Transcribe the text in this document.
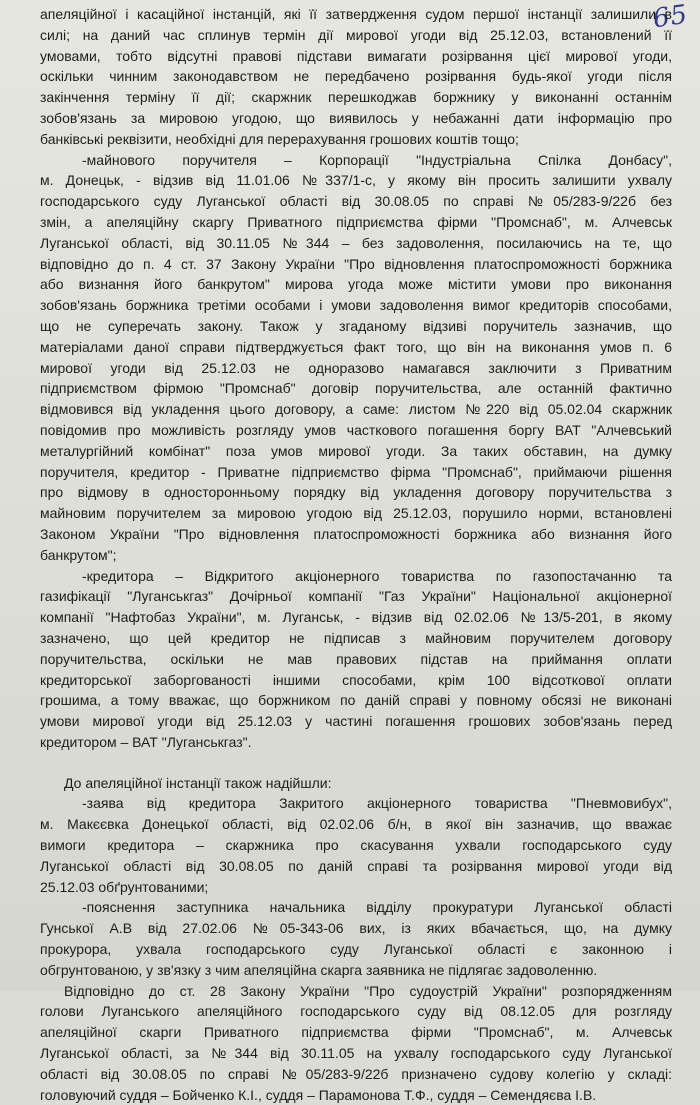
65
апеляційної і касаційної інстанцій, які її затвердження судом першої інстанції залишили в
силі; на даний час сплинув термін дії мирової угоди від 25.12.03, встановлений її
умовами, тобто відсутні правові підстави вимагати розірвання цієї мирової угоди,
оскільки чинним законодавством не передбачено розірвання будь-якої угоди після
закінчення терміну її дії; скаржник перешкоджав боржнику у виконанні останнім
зобов'язань за мировою угодою, що виявилось у небажанні дати інформацію про
банківські реквізити, необхідні для перерахування грошових коштів тощо;
-майнового поручителя – Корпорації "Індустріальна Спілка Донбасу",
м. Донецьк, - відзив від 11.01.06 №337/1-с, у якому він просить залишити ухвалу
господарського суду Луганської області від 30.08.05 по справі №05/283-9/22б без
змін, а апеляційну скаргу Приватного підприємства фірми "Промснаб", м. Алчевськ
Луганської області, від 30.11.05 №344 – без задоволення, посилаючись на те, що
відповідно до п. 4 ст. 37 Закону України "Про відновлення платоспроможності боржника
або визнання його банкрутом" мирова угода може містити умови про виконання
зобов'язань боржника третіми особами і умови задоволення вимог кредиторів способами,
що не суперечать закону. Також у згаданому відзиві поручитель зазначив, що
матеріалами даної справи підтверджується факт того, що він на виконання умов п. 6
мирової угоди від 25.12.03 не одноразово намагався заключити з Приватним
підприємством фірмою "Промснаб" договір поручительства, але останній фактично
відмовився від укладення цього договору, а саме: листом №220 від 05.02.04 скаржник
повідомив про можливість розгляду умов часткового погашення боргу ВАТ "Алчевський
металургійний комбінат" поза умов мирової угоди. За таких обставин, на думку
поручителя, кредитор - Приватне підприємство фірма "Промснаб", приймаючи рішення
про відмову в односторонньому порядку від укладення договору поручительства з
майновим поручителем за мировою угодою від 25.12.03, порушило норми, встановлені
Законом України "Про відновлення платоспроможності боржника або визнання його
банкрутом";
-кредитора – Відкритого акціонерного товариства по газопостачанню та
газифікації "Луганськгаз" Дочірньої компанії "Газ України" Національної акціонерної
компанії "Нафтобаз України", м. Луганськ, - відзив від 02.02.06 №13/5-201, в якому
зазначено, що цей кредитор не підписав з майновим поручителем договору
поручительства, оскільки не мав правових підстав на приймання оплати
кредиторської заборгованості іншими способами, крім 100 відсоткової оплати
грошима, а тому вважає, що боржником по даній справі у повному обсязі не виконані
умови мирової угоди від 25.12.03 у частині погашення грошових зобов'язань перед
кредитором – ВАТ "Луганськгаз".
До апеляційної інстанції також надійшли:
-заява від кредитора Закритого акціонерного товариства "Пневмовибух",
м. Макєєвка Донецької області, від 02.02.06 б/н, в якої він зазначив, що вважає
вимоги кредитора – скаржника про скасування ухвали господарського суду
Луганської області від 30.08.05 по даній справі та розірвання мирової угоди від
25.12.03 обґрунтованими;
-пояснення заступника начальника відділу прокуратури Луганської області
Гунської А.В від 27.02.06 №05-343-06 вих, із яких вбачається, що, на думку
прокурора, ухвала господарського суду Луганської області є законною і
обгрунтованою, у зв'язку з чим апеляційна скарга заявника не підлягає задоволенню.
Відповідно до ст. 28 Закону України "Про судоустрій України" розпорядженням
голови Луганського апеляційного господарського суду від 08.12.05 для розгляду
апеляційної скарги Приватного підприємства фірми "Промснаб", м. Алчевськ
Луганської області, за №344 від 30.11.05 на ухвалу господарського суду Луганської
області від 30.08.05 по справі №05/283-9/22б призначено судову колегію у складі:
головуючий суддя – Бойченко К.І., суддя – Парамонова Т.Ф., суддя – Семендяєва І.В.
